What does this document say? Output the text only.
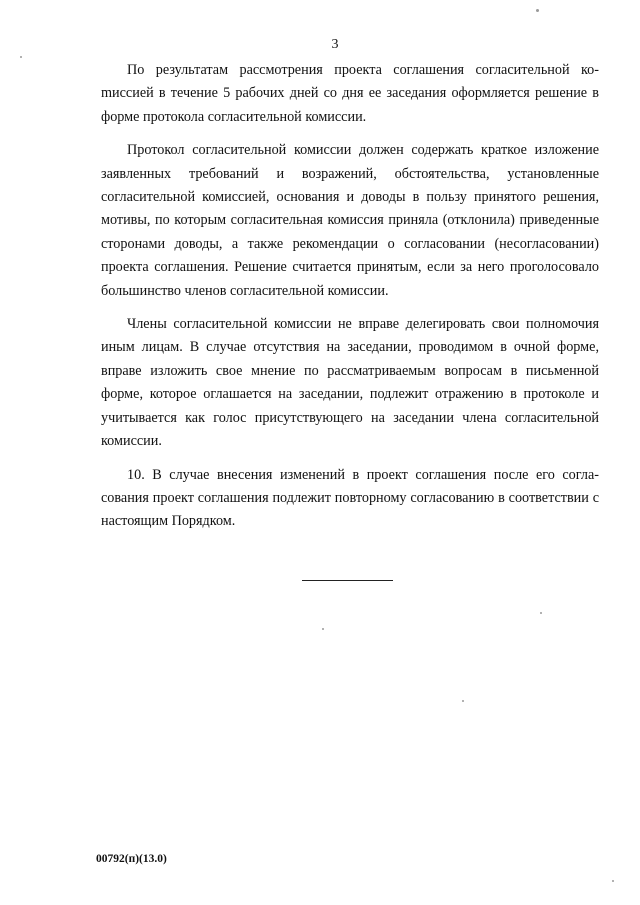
3

По результатам рассмотрения проекта соглашения согласительной коmиссией в течение 5 рабочих дней со дня ее заседания оформляется решение в форме протокола согласительной комиссии.

Протокол согласительной комиссии должен содержать краткое изложение заявленных требований и возражений, обстоятельства, установленные согласительной комиссией, основания и доводы в пользу принятого решения, мотивы, по которым согласительная комиссия приняла (отклонила) приведенные сторонами доводы, а также рекомендации о согласовании (несогласовании) проекта соглашения. Решение считается принятым, если за него проголосовало большинство членов согласительной комиссии.

Члены согласительной комиссии не вправе делегировать свои полномочия иным лицам. В случае отсутствия на заседании, проводимом в очной форме, вправе изложить свое мнение по рассматриваемым вопросам в письменной форме, которое оглашается на заседании, подлежит отражению в протоколе и учитывается как голос присутствующего на заседании члена согласительной комиссии.

10. В случае внесения изменений в проект соглашения после его согласования проект соглашения подлежит повторному согласованию в соответствии с настоящим Порядком.

00792(п)(13.0)
